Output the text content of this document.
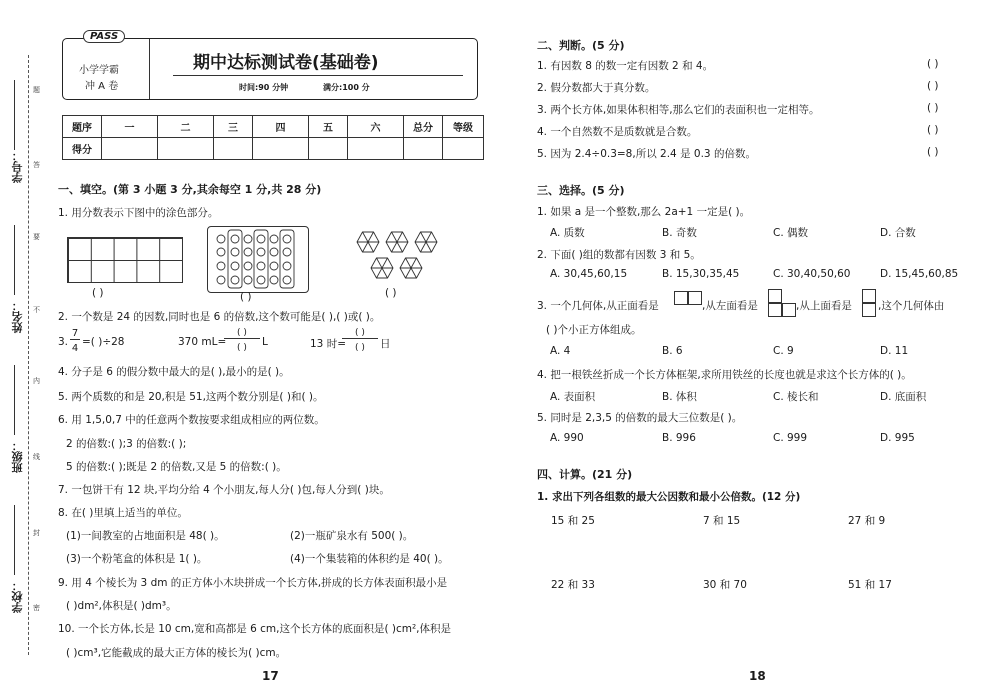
学号：
姓名：
班级：
学校：
题
答
要
不
内
线
封
密
PASS
小学学霸
冲 A 卷
期中达标测试卷(基础卷)
时间:90 分钟	满分:100 分
题序	一	二	三	四	五	六	总分	等级
得分								
一、填空。(第 3 小题 3 分,其余每空 1 分,共 28 分)
1. 用分数表示下图中的涂色部分。
( )	( )	( )
2. 一个数是 24 的因数,同时也是 6 的倍数,这个数可能是( ),( )或( )。
3.
7
4
=( )÷28	370 mL=
( )
( )	L	13 时=
( )
( )	日
4. 分子是 6 的假分数中最大的是( ),最小的是( )。
5. 两个质数的和是 20,积是 51,这两个数分别是( )和( )。
6. 用 1,5,0,7 中的任意两个数按要求组成相应的两位数。
2 的倍数:( );3 的倍数:( );
5 的倍数:( );既是 2 的倍数,又是 5 的倍数:( )。
7. 一包饼干有 12 块,平均分给 4 个小朋友,每人分( )包,每人分到( )块。
8. 在( )里填上适当的单位。
(1)一间教室的占地面积是 48( )。	(2)一瓶矿泉水有 500( )。
(3)一个粉笔盒的体积是 1( )。	(4)一个集装箱的体积约是 40( )。
9. 用 4 个棱长为 3 dm 的正方体小木块拼成一个长方体,拼成的长方体表面积最小是
( )dm²,体积是( )dm³。
10. 一个长方体,长是 10 cm,宽和高都是 6 cm,这个长方体的底面积是( )cm²,体积是
( )cm³,它能截成的最大正方体的棱长为( )cm。
17
二、判断。(5 分)
1. 有因数 8 的数一定有因数 2 和 4。	( )
2. 假分数都大于真分数。	( )
3. 两个长方体,如果体积相等,那么它们的表面积也一定相等。	( )
4. 一个自然数不是质数就是合数。	( )
5. 因为 2.4÷0.3=8,所以 2.4 是 0.3 的倍数。	( )
三、选择。(5 分)
1. 如果 a 是一个整数,那么 2a+1 一定是( )。
A. 质数	B. 奇数	C. 偶数	D. 合数
2. 下面( )组的数都有因数 3 和 5。
A. 30,45,60,15	B. 15,30,35,45	C. 30,40,50,60	D. 15,45,60,85
3. 一个几何体,从正面看是	,从左面看是	,从上面看是 ,这个几何体由
( )个小正方体组成。
A. 4	B. 6	C. 9	D. 11
4. 把一根铁丝折成一个长方体框架,求所用铁丝的长度也就是求这个长方体的( )。
A. 表面积	B. 体积	C. 棱长和	D. 底面积
5. 同时是 2,3,5 的倍数的最大三位数是( )。
A. 990	B. 996	C. 999	D. 995
四、计算。(21 分)
1. 求出下列各组数的最大公因数和最小公倍数。(12 分)
15 和 25	7 和 15	27 和 9
22 和 33	30 和 70	51 和 17
18
